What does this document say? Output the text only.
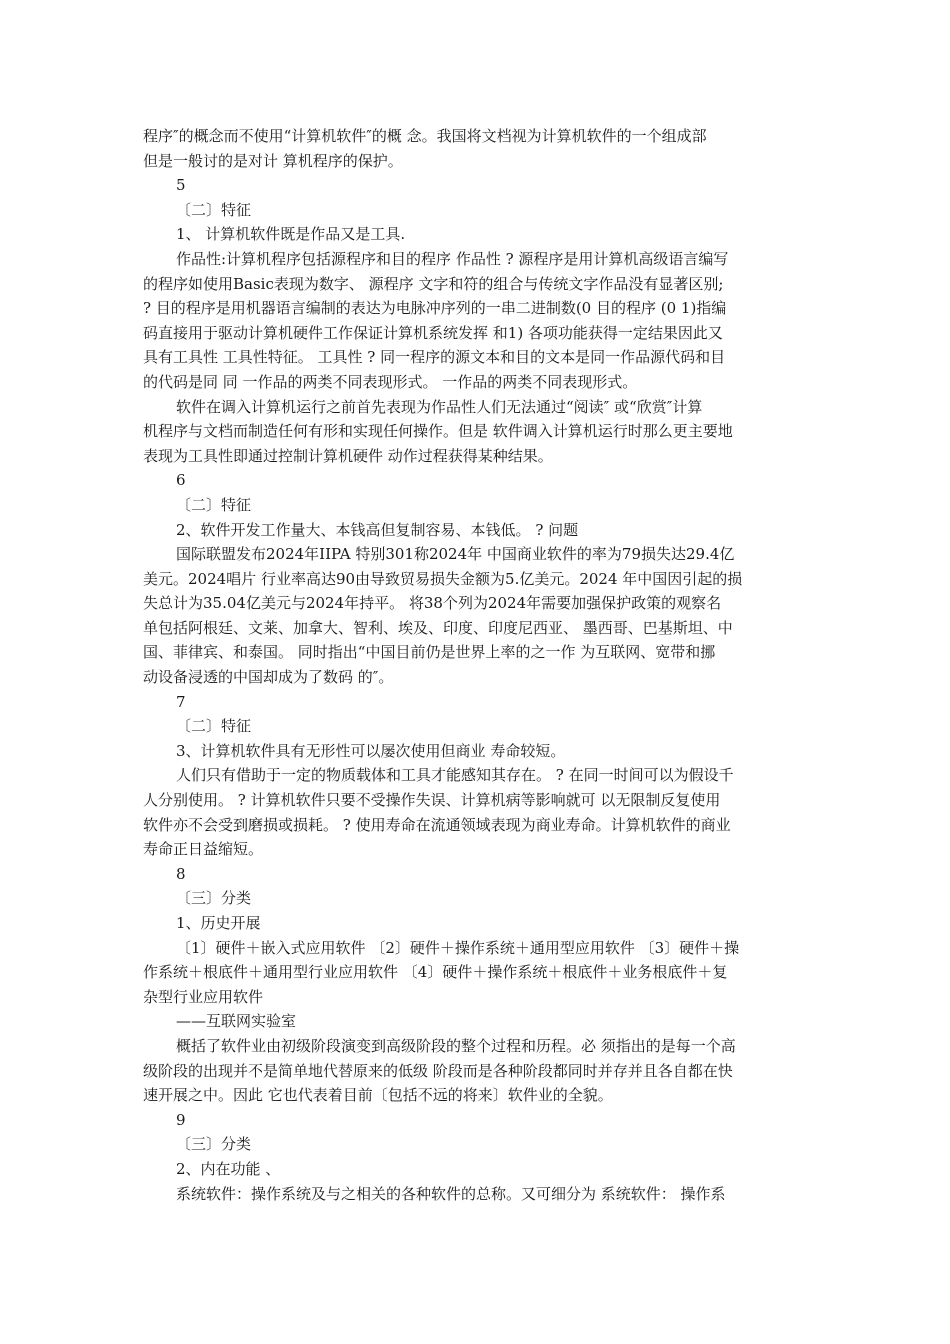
程序″的概念而不使用“计算机软件″的概 念。我国将文档视为计算机软件的一个组成部
但是一般讨的是对计 算机程序的保护。
5
〔二〕特征
1、 计算机软件既是作品又是工具.
作品性:计算机程序包括源程序和目的程序 作品性 ? 源程序是用计算机高级语言编写
的程序如使用Basic表现为数字、 源程序 文字和符的组合与传统文字作品没有显著区别;
? 目的程序是用机器语言编制的表达为电脉冲序列的一串二进制数(0 目的程序 (0 1)指编
码直接用于驱动计算机硬件工作保证计算机系统发挥 和1) 各项功能获得一定结果因此又
具有工具性 工具性特征。 工具性 ? 同一程序的源文本和目的文本是同一作品源代码和目
的代码是同 同 一作品的两类不同表现形式。 一作品的两类不同表现形式。
软件在调入计算机运行之前首先表现为作品性人们无法通过“阅读″ 或“欣赏″计算
机程序与文档而制造任何有形和实现任何操作。但是 软件调入计算机运行时那么更主要地
表现为工具性即通过控制计算机硬件 动作过程获得某种结果。
6
〔二〕特征
2、软件开发工作量大、本钱高但复制容易、本钱低。 ? 问题
国际联盟发布2024年IIPA 特别301称2024年 中国商业软件的率为79损失达29.4亿
美元。2024唱片 行业率高达90由导致贸易损失金额为5.亿美元。2024 年中国因引起的损
失总计为35.04亿美元与2024年持平。 将38个列为2024年需要加强保护政策的观察名
单包括阿根廷、文莱、加拿大、智利、埃及、印度、印度尼西亚、 墨西哥、巴基斯坦、中
国、菲律宾、和泰国。 同时指出“中国目前仍是世界上率的之一作 为互联网、宽带和挪
动设备浸透的中国却成为了数码 的″。
7
〔二〕特征
3、计算机软件具有无形性可以屡次使用但商业 寿命较短。
人们只有借助于一定的物质载体和工具才能感知其存在。 ? 在同一时间可以为假设千
人分别使用。 ? 计算机软件只要不受操作失误、计算机病等影响就可 以无限制反复使用
软件亦不会受到磨损或损耗。 ? 使用寿命在流通领域表现为商业寿命。计算机软件的商业
寿命正日益缩短。
8
〔三〕分类
1、历史开展
〔1〕硬件＋嵌入式应用软件 〔2〕硬件＋操作系统＋通用型应用软件 〔3〕硬件＋操
作系统＋根底件＋通用型行业应用软件 〔4〕硬件＋操作系统＋根底件＋业务根底件＋复
杂型行业应用软件
——互联网实验室
概括了软件业由初级阶段演变到高级阶段的整个过程和历程。必 须指出的是每一个高
级阶段的出现并不是简单地代替原来的低级 阶段而是各种阶段都同时并存并且各自都在快
速开展之中。因此 它也代表着目前〔包括不远的将来〕软件业的全貌。
9
〔三〕分类
2、内在功能 、
系统软件：操作系统及与之相关的各种软件的总称。又可细分为 系统软件： 操作系
